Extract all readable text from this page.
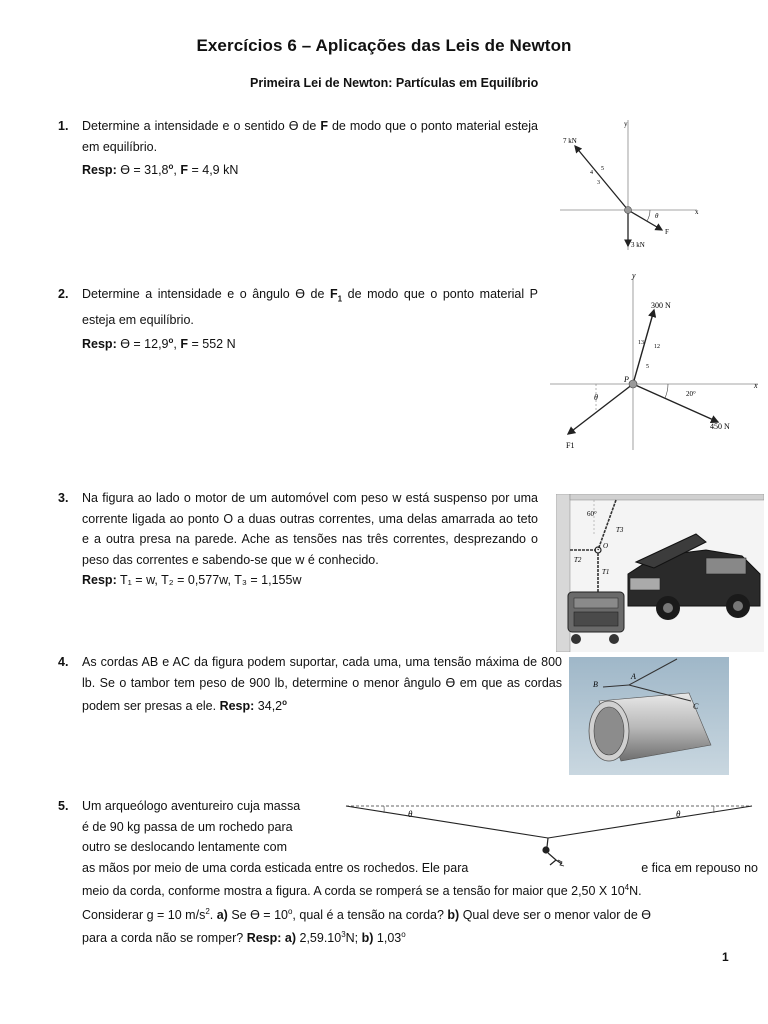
Exercícios 6 – Aplicações das Leis de Newton
Primeira Lei de Newton: Partículas em Equilíbrio
1. Determine a intensidade e o sentido ϴ de F de modo que o ponto material esteja em equilíbrio.

Resp: $ϴ = 31,8^o$, F = 4,9 kN

y
x
7 kN
4
3
5
θ
F
3 kN
2. Determine a intensidade e o ângulo ϴ de $F_1$ de modo que o ponto material P esteja em equilíbrio.

Resp: $ϴ = 12,9^o$, F = 552 N

y
x
300 N
13
12
5
P
20°
450 N
θ
F1
3. Na figura ao lado o motor de um automóvel com peso w está suspenso por uma corrente ligada ao ponto O a duas outras correntes, uma delas amarrada ao teto e a outra presa na parede. Ache as tensões nas três correntes, desprezando o peso das correntes e sabendo-se que w é conhecido.

Resp: T₁ = w, T₂ = 0,577w, T₃ = 1,155w

60°
T3
T2
O
T1
4. As cordas AB e AC da figura podem suportar, cada uma, uma tensão máxima de 800 lb. Se o tambor tem peso de 900 lb, determine o menor ângulo ϴ em que as cordas podem ser presas a ele. Resp: 34,2$^o$

A
B
C
5. Um arqueólogo aventureiro cuja massa

é de 90 kg passa de um rochedo para

outro se deslocando lentamente com

as mãos por meio de uma corda esticada entre os rochedos. Ele para	e fica em repouso no

meio da corda, conforme mostra a figura. A corda se romperá se a tensão for maior que 2,50 X $10^4N$.

Considerar g = 10 $m/s^2$. a) Se $ϴ = 10^o$, qual é a tensão na corda? b) Qual deve ser o menor valor de ϴ

para a corda não se romper? Resp: a) 2,59.10$^3$N; b) 1,03$^o$

θ	θ
1
